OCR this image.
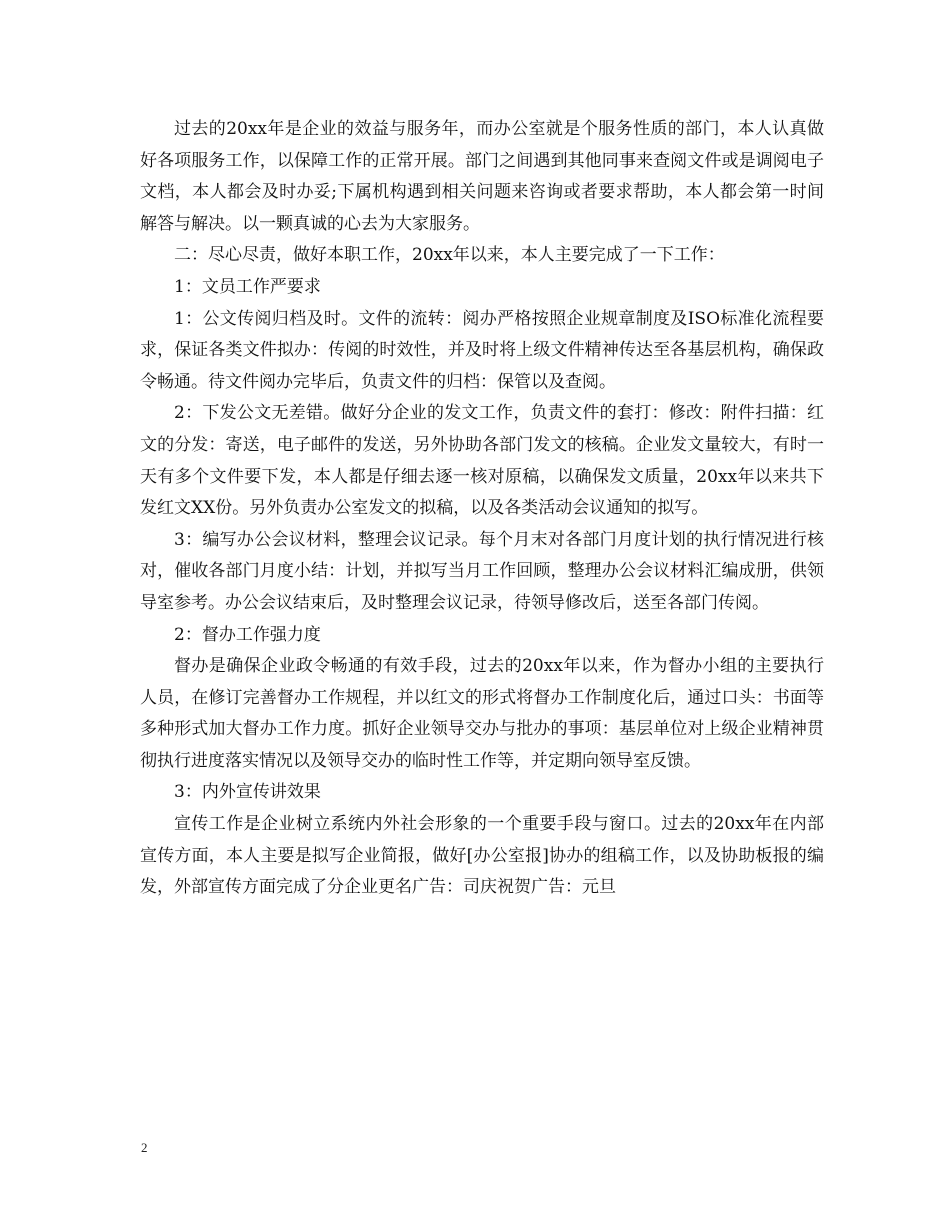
过去的20xx年是企业的效益与服务年，而办公室就是个服务性质的部门，本人认真做好各项服务工作，以保障工作的正常开展。部门之间遇到其他同事来查阅文件或是调阅电子文档，本人都会及时办妥;下属机构遇到相关问题来咨询或者要求帮助，本人都会第一时间解答与解决。以一颗真诚的心去为大家服务。

二：尽心尽责，做好本职工作，20xx年以来，本人主要完成了一下工作：

1：文员工作严要求

1：公文传阅归档及时。文件的流转：阅办严格按照企业规章制度及ISO标准化流程要求，保证各类文件拟办：传阅的时效性，并及时将上级文件精神传达至各基层机构，确保政令畅通。待文件阅办完毕后，负责文件的归档：保管以及查阅。

2：下发公文无差错。做好分企业的发文工作，负责文件的套打：修改：附件扫描：红文的分发：寄送，电子邮件的发送，另外协助各部门发文的核稿。企业发文量较大，有时一天有多个文件要下发，本人都是仔细去逐一核对原稿，以确保发文质量，20xx年以来共下发红文XX份。另外负责办公室发文的拟稿，以及各类活动会议通知的拟写。

3：编写办公会议材料，整理会议记录。每个月末对各部门月度计划的执行情况进行核对，催收各部门月度小结：计划，并拟写当月工作回顾，整理办公会议材料汇编成册，供领导室参考。办公会议结束后，及时整理会议记录，待领导修改后，送至各部门传阅。

2：督办工作强力度

督办是确保企业政令畅通的有效手段，过去的20xx年以来，作为督办小组的主要执行人员，在修订完善督办工作规程，并以红文的形式将督办工作制度化后，通过口头：书面等多种形式加大督办工作力度。抓好企业领导交办与批办的事项：基层单位对上级企业精神贯彻执行进度落实情况以及领导交办的临时性工作等，并定期向领导室反馈。

3：内外宣传讲效果

宣传工作是企业树立系统内外社会形象的一个重要手段与窗口。过去的20xx年在内部宣传方面，本人主要是拟写企业简报，做好[办公室报]协办的组稿工作，以及协助板报的编发，外部宣传方面完成了分企业更名广告：司庆祝贺广告：元旦

2
